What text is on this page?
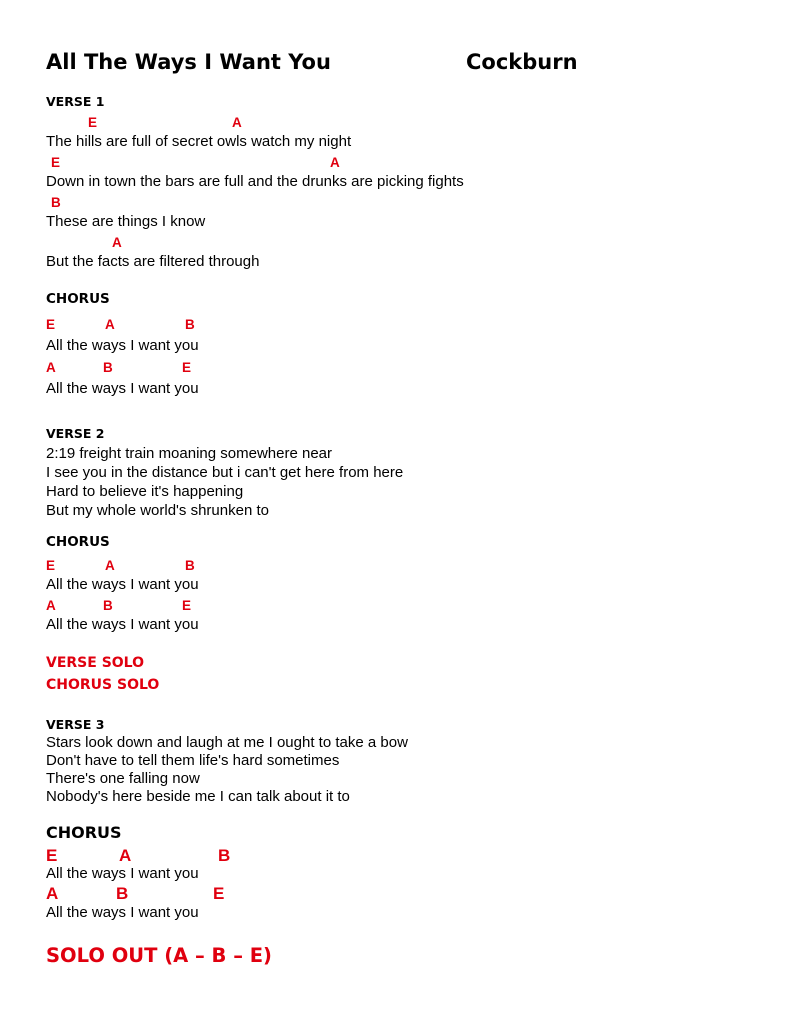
All The Ways I Want You	Cockburn
VERSE 1
E	A
The hills are full of secret owls watch my night
E	A
Down in town the bars are full and the drunks are picking fights
B
These are things I know
A
But the facts are filtered through
CHORUS
E	A	B
All the ways I want you
A	B	E
All the ways I want you
VERSE 2
2:19 freight train moaning somewhere near
I see you in the distance but i can't get here from here
Hard to believe it's happening
But my whole world's shrunken to
CHORUS
E	A	B
All the ways I want you
A	B	E
All the ways I want you
VERSE SOLO
CHORUS SOLO
VERSE 3
Stars look down and laugh at me I ought to take a bow
Don't have to tell them life's hard sometimes
There's one falling now
Nobody's here beside me I can talk about it to
CHORUS
E	A	B
All the ways I want you
A	B	E
All the ways I want you
SOLO OUT (A – B – E)
